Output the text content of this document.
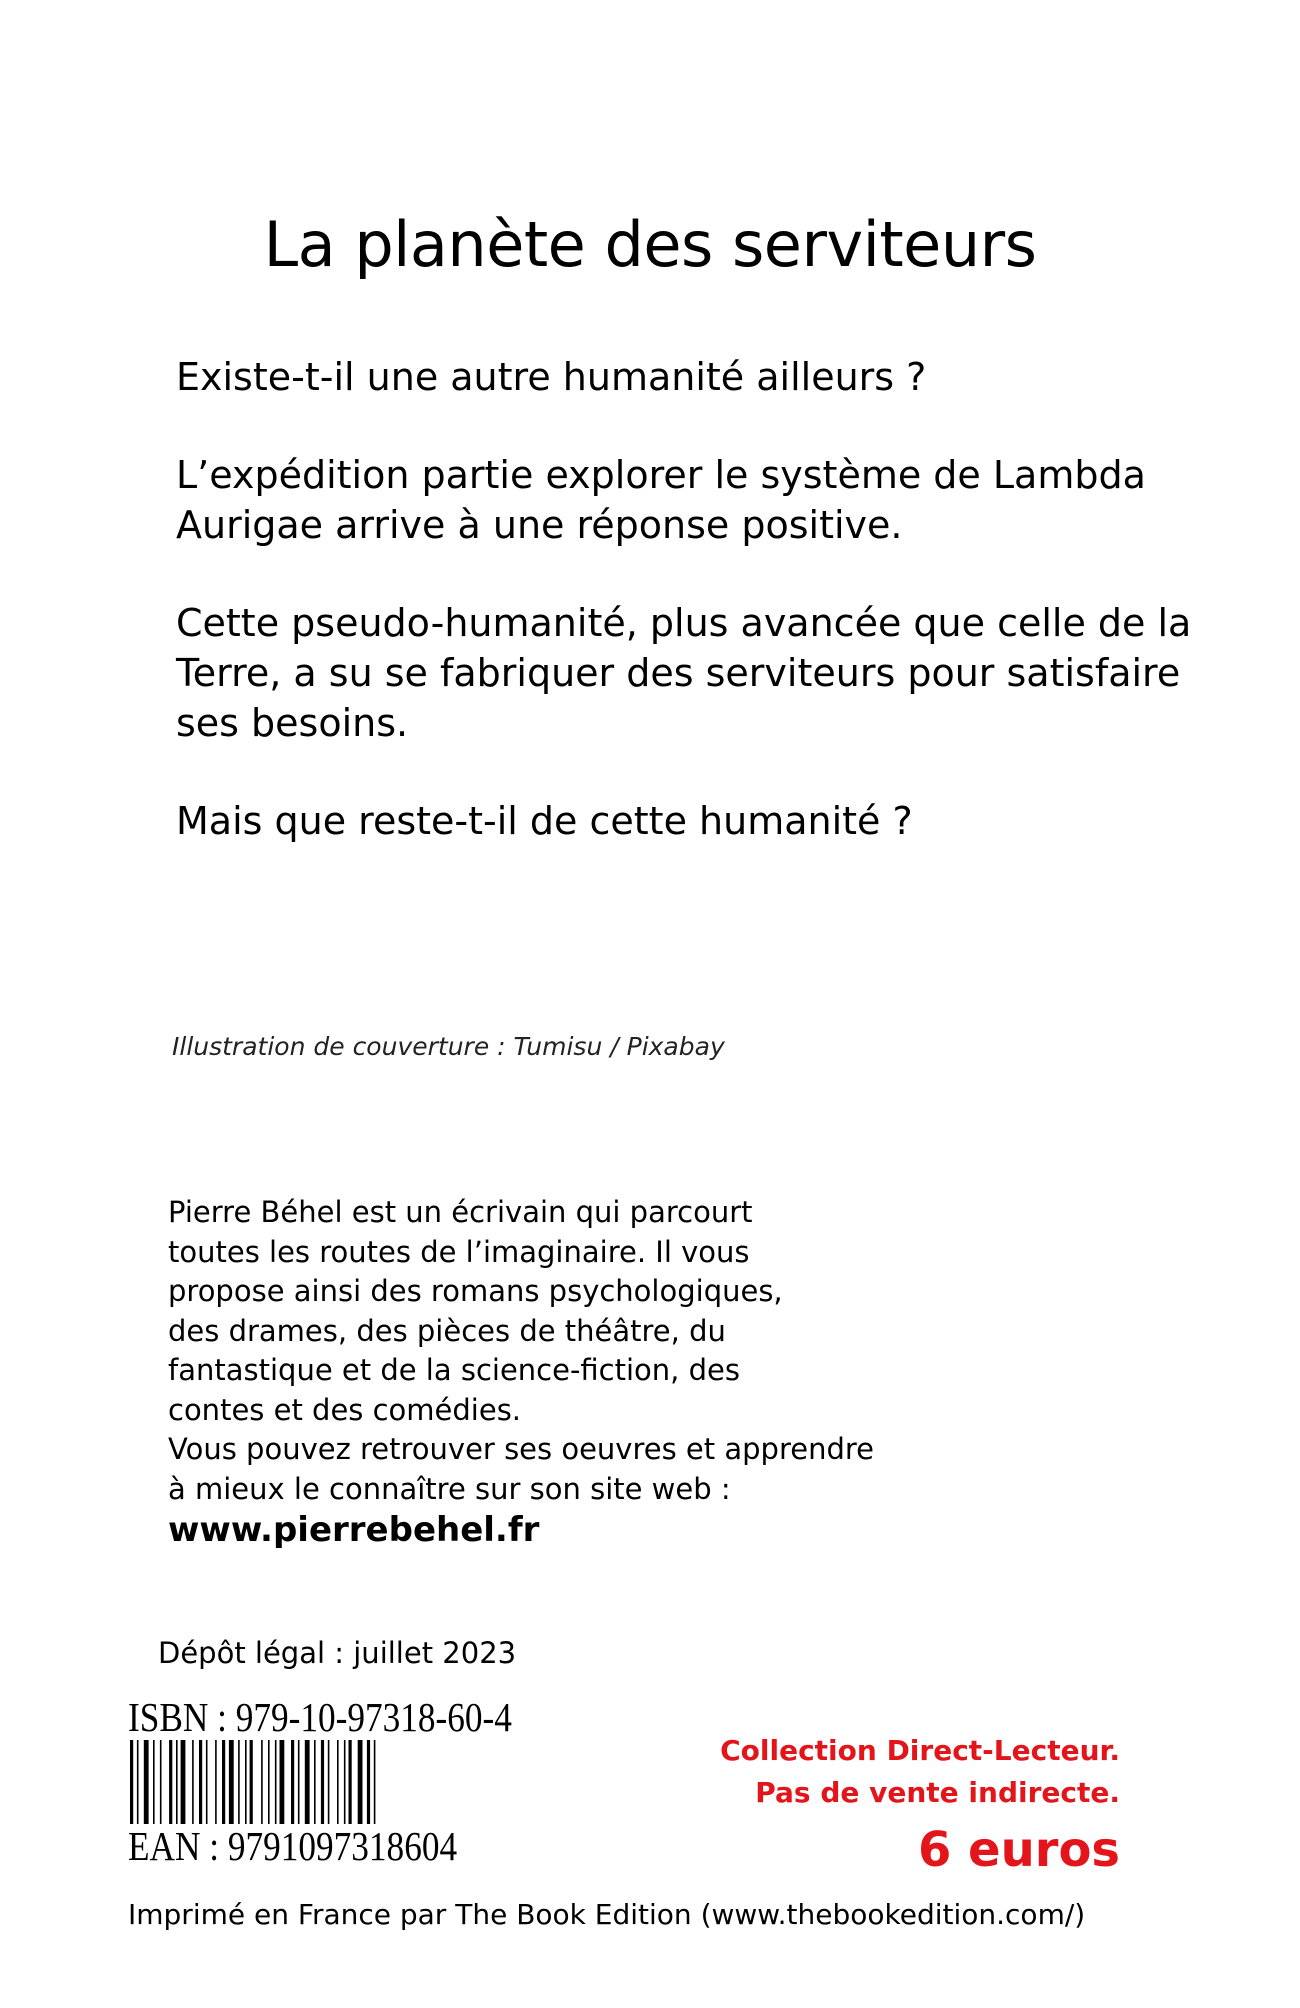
La planète des serviteurs
Existe-t-il une autre humanité ailleurs ?
L’expédition partie explorer le système de Lambda
Aurigae arrive à une réponse positive.
Cette pseudo-humanité, plus avancée que celle de la
Terre, a su se fabriquer des serviteurs pour satisfaire
ses besoins.
Mais que reste-t-il de cette humanité ?
Illustration de couverture : Tumisu / Pixabay
Pierre Béhel est un écrivain qui parcourt
toutes les routes de l’imaginaire. Il vous
propose ainsi des romans psychologiques,
des drames, des pièces de théâtre, du
fantastique et de la science-fiction, des
contes et des comédies.
Vous pouvez retrouver ses oeuvres et apprendre
à mieux le connaître sur son site web :
www.pierrebehel.fr
Dépôt légal : juillet 2023
ISBN : 979-10-97318-60-4
EAN : 9791097318604
Collection Direct-Lecteur.
Pas de vente indirecte.
6 euros
Imprimé en France par The Book Edition (www.thebookedition.com/)
